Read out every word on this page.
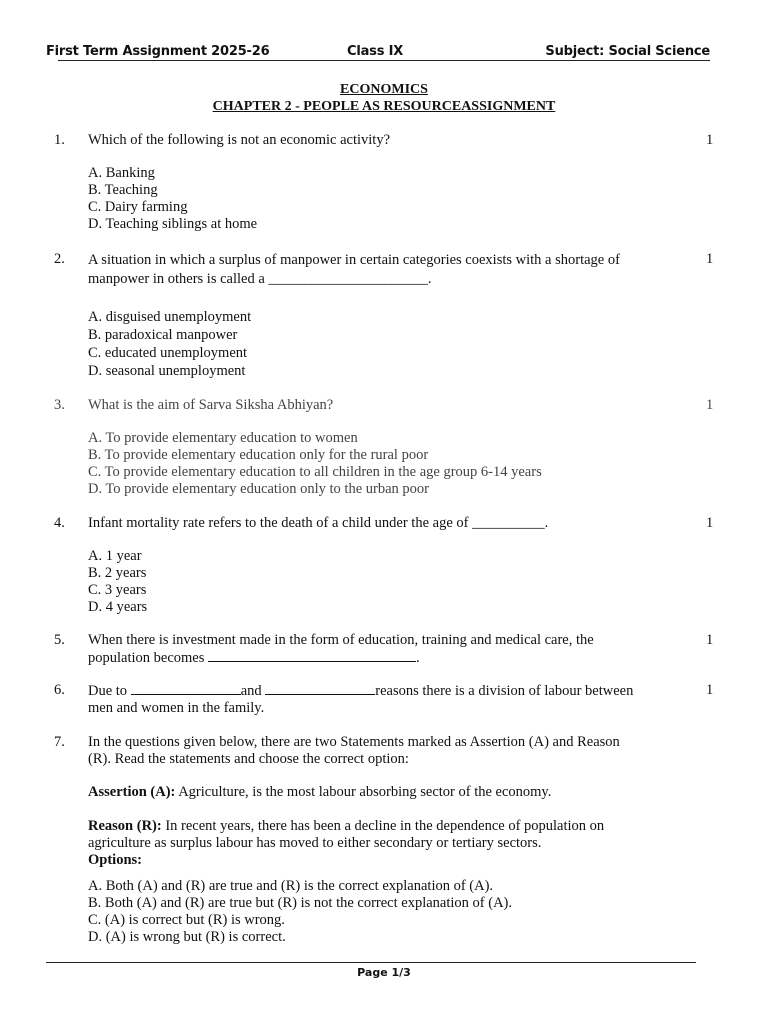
First Term Assignment 2025-26	Class IX	Subject: Social Science
ECONOMICS
CHAPTER 2 - PEOPLE AS RESOURCEASSIGNMENT
1. Which of the following is not an economic activity?	1
A. Banking
B. Teaching
C. Dairy farming
D. Teaching siblings at home
2. A situation in which a surplus of manpower in certain categories coexists with a shortage of
manpower in others is called a ______________________.
1
A. disguised unemployment
B. paradoxical manpower
C. educated unemployment
D. seasonal unemployment
3. What is the aim of Sarva Siksha Abhiyan?	1
A. To provide elementary education to women
B. To provide elementary education only for the rural poor
C. To provide elementary education to all children in the age group 6-14 years
D. To provide elementary education only to the urban poor
4. Infant mortality rate refers to the death of a child under the age of __________.	1
A. 1 year
B. 2 years
C. 3 years
D. 4 years
5. When there is investment made in the form of education, training and medical care, the
population becomes	.
1
6. Due to	and	reasons there is a division of labour between
men and women in the family.
1
7. In the questions given below, there are two Statements marked as Assertion (A) and Reason
(R). Read the statements and choose the correct option:
Assertion (A): Agriculture, is the most labour absorbing sector of the economy.
Reason (R): In recent years, there has been a decline in the dependence of population on
agriculture as surplus labour has moved to either secondary or tertiary sectors.
Options:
A. Both (A) and (R) are true and (R) is the correct explanation of (A).
B. Both (A) and (R) are true but (R) is not the correct explanation of (A).
C. (A) is correct but (R) is wrong.
D. (A) is wrong but (R) is correct.
Page 1/3
